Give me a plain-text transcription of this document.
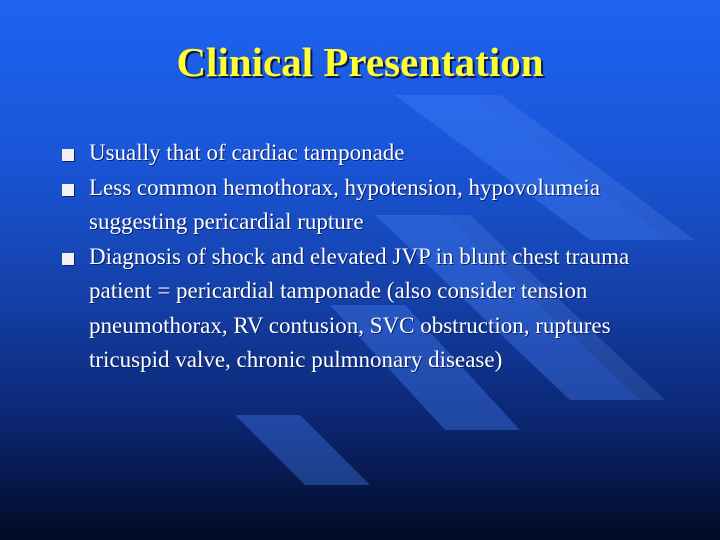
Clinical Presentation
Usually that of cardiac tamponade
Less common hemothorax, hypotension, hypovolumeia suggesting pericardial rupture
Diagnosis of shock and elevated JVP in blunt chest trauma patient = pericardial tamponade (also consider tension pneumothorax, RV contusion, SVC obstruction, ruptures tricuspid valve, chronic pulmnonary disease)
